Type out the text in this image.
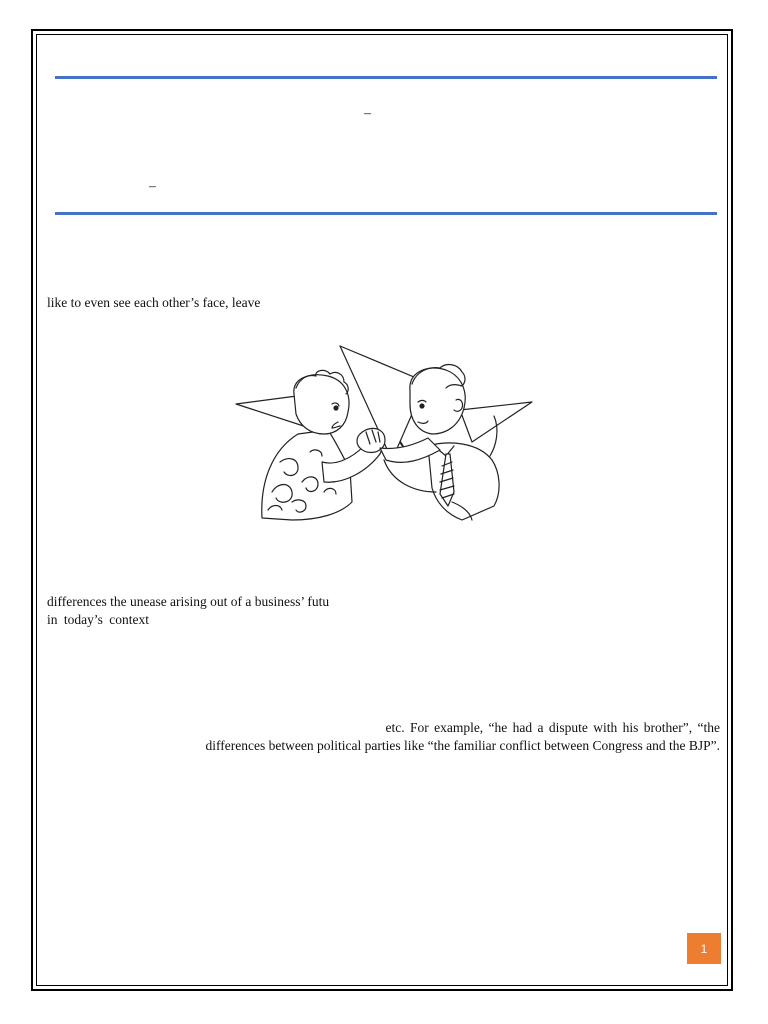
–
–
like to even see each other’s face, leave
differences the unease arising out of a business’ futu
in today’s context
etc. For example, “he had a dispute with his brother”, “the
differences between political parties like “the familiar conflict between Congress and the BJP”.
1
